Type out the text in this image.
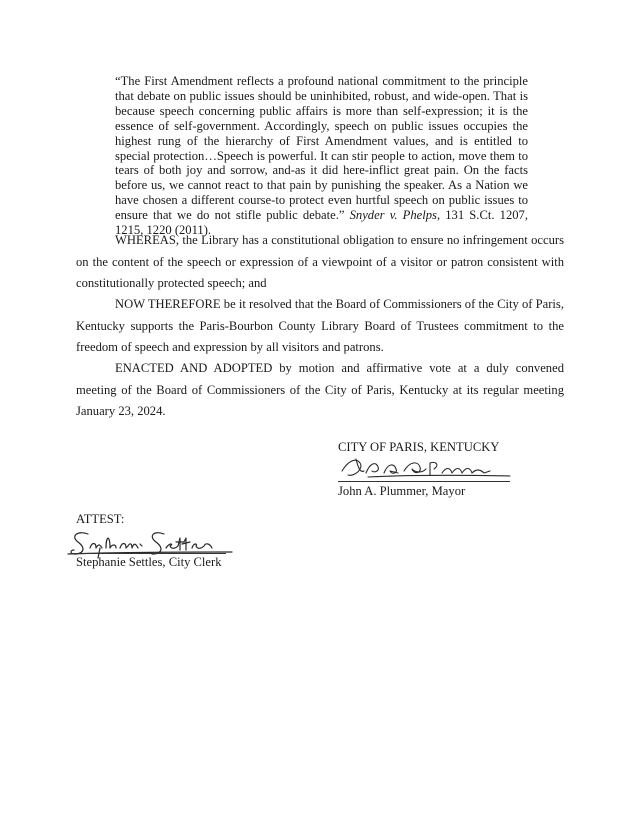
“The First Amendment reflects a profound national commitment to the principle that debate on public issues should be uninhibited, robust, and wide-open. That is because speech concerning public affairs is more than self-expression; it is the essence of self-government. Accordingly, speech on public issues occupies the highest rung of the hierarchy of First Amendment values, and is entitled to special protection…Speech is powerful. It can stir people to action, move them to tears of both joy and sorrow, and-as it did here-inflict great pain. On the facts before us, we cannot react to that pain by punishing the speaker. As a Nation we have chosen a different course-to protect even hurtful speech on public issues to ensure that we do not stifle public debate.” Snyder v. Phelps, 131 S.Ct. 1207, 1215, 1220 (2011).

WHEREAS, the Library has a constitutional obligation to ensure no infringement occurs on the content of the speech or expression of a viewpoint of a visitor or patron consistent with constitutionally protected speech; and

NOW THEREFORE be it resolved that the Board of Commissioners of the City of Paris, Kentucky supports the Paris-Bourbon County Library Board of Trustees commitment to the freedom of speech and expression by all visitors and patrons.

ENACTED AND ADOPTED by motion and affirmative vote at a duly convened meeting of the Board of Commissioners of the City of Paris, Kentucky at its regular meeting January 23, 2024.

CITY OF PARIS, KENTUCKY
John A. Plummer, Mayor
ATTEST:
Stephanie Settles, City Clerk
